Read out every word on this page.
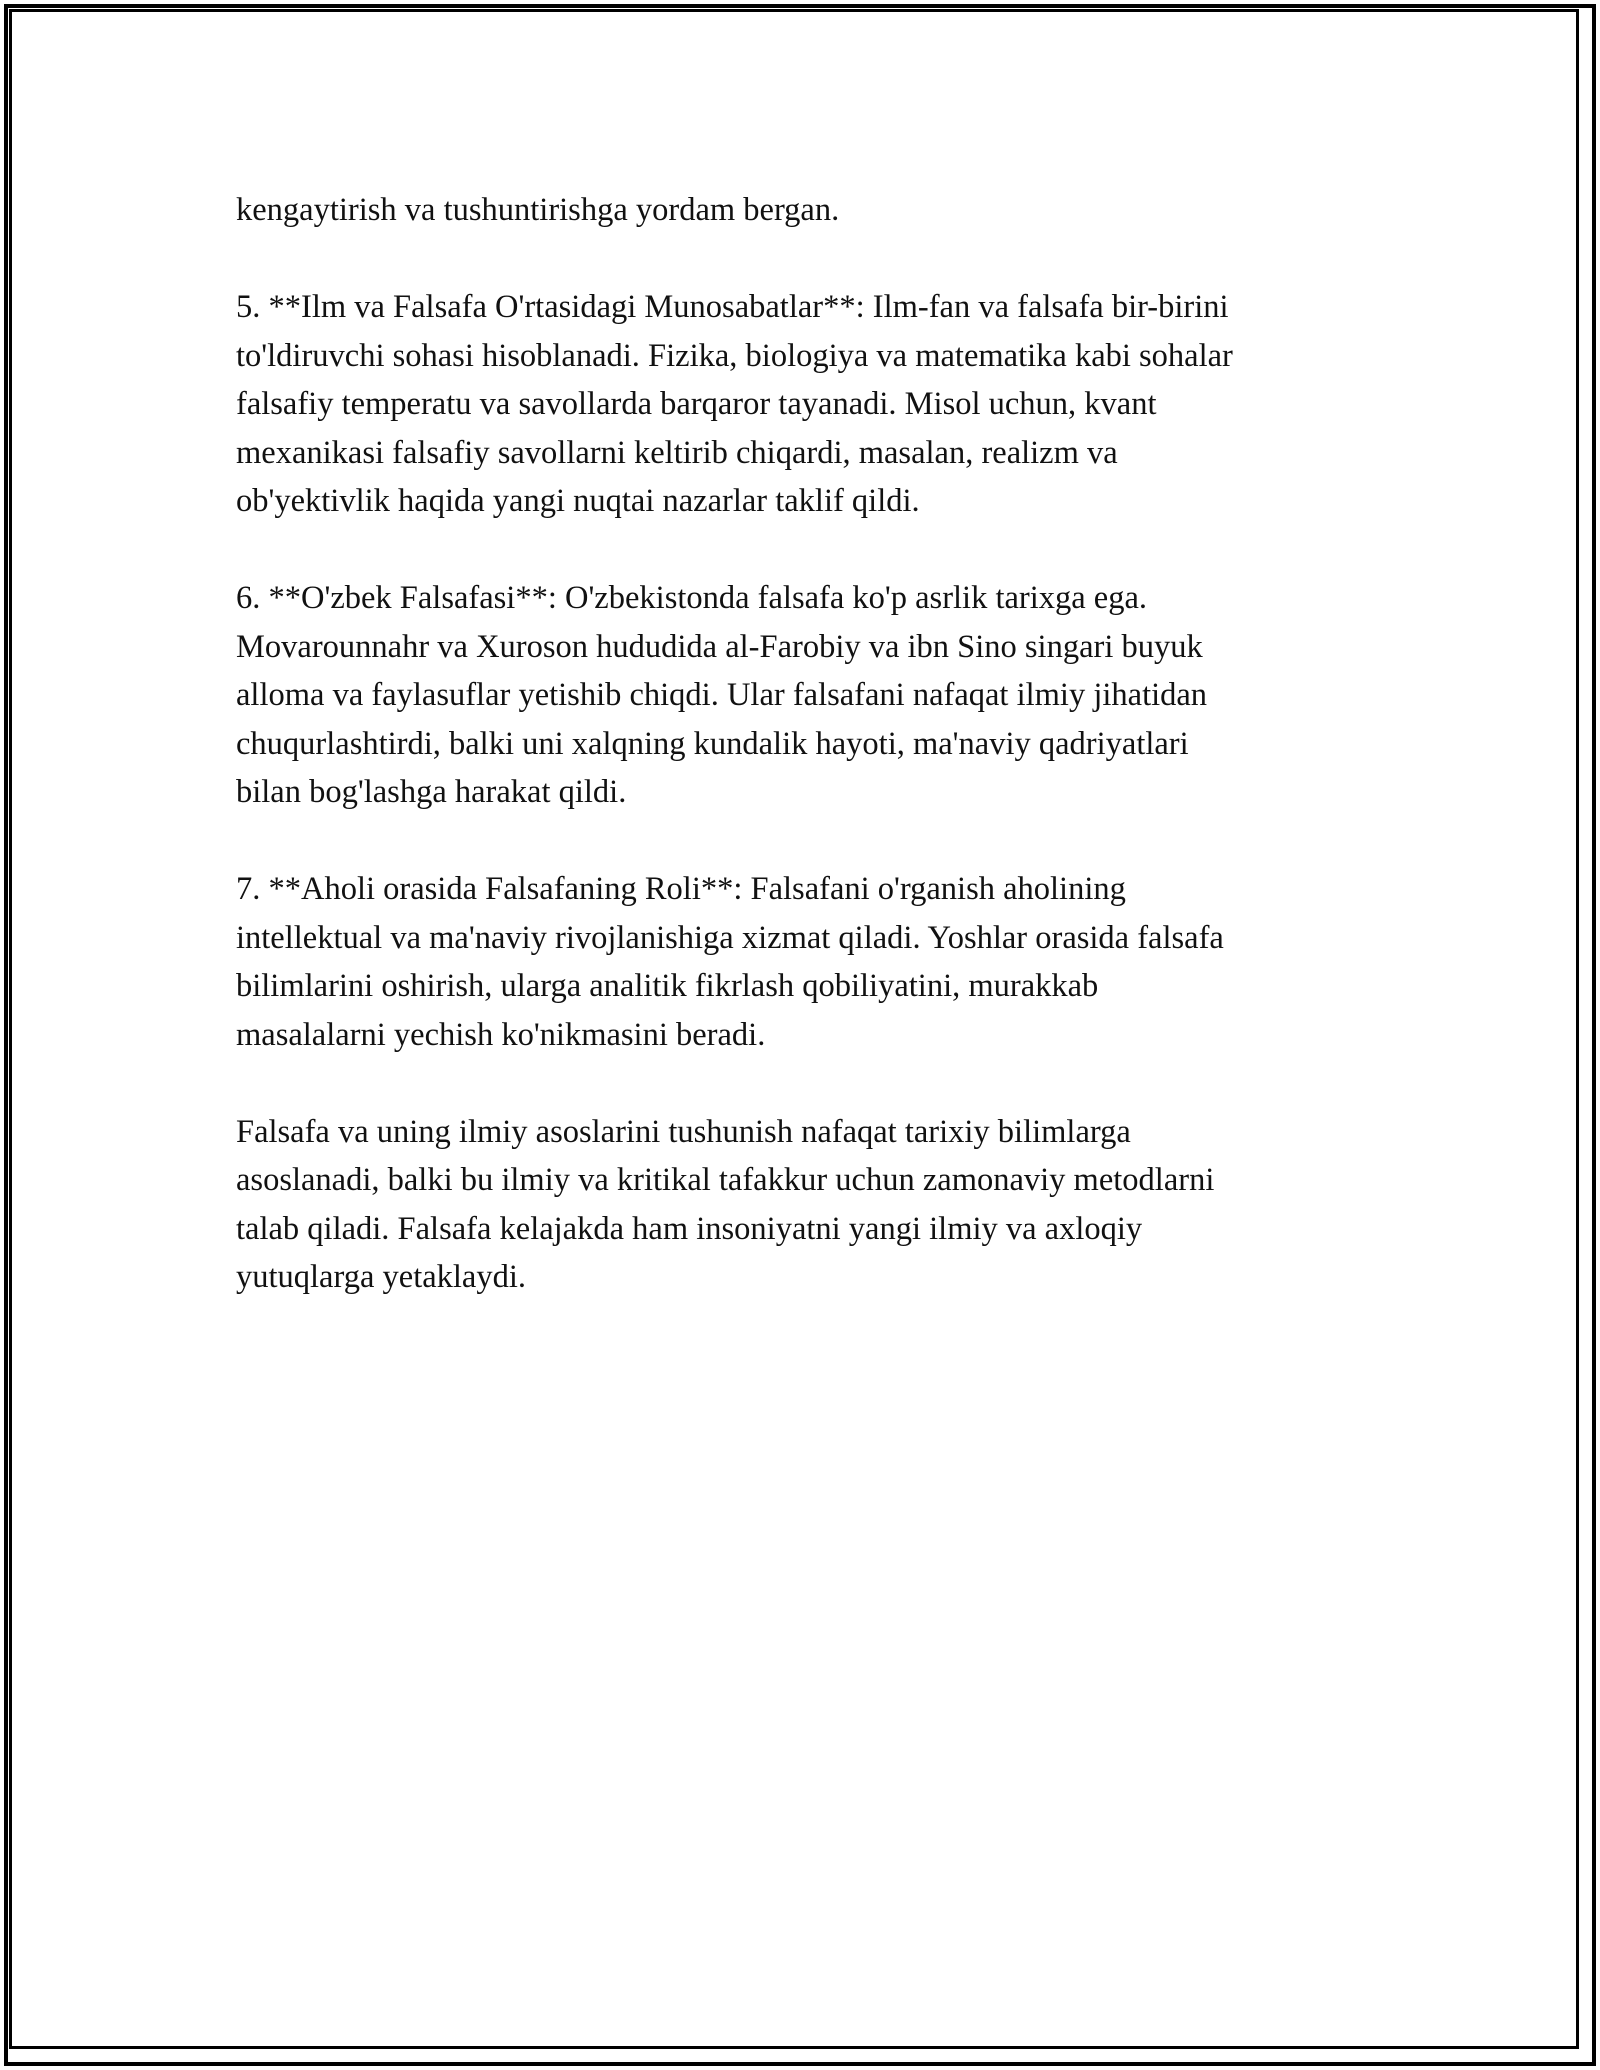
kengaytirish va tushuntirishga yordam bergan.

5. **Ilm va Falsafa O'rtasidagi Munosabatlar**: Ilm-fan va falsafa bir-birini
to'ldiruvchi sohasi hisoblanadi. Fizika, biologiya va matematika kabi sohalar
falsafiy temperatu va savollarda barqaror tayanadi. Misol uchun, kvant
mexanikasi falsafiy savollarni keltirib chiqardi, masalan, realizm va
ob'yektivlik haqida yangi nuqtai nazarlar taklif qildi.

6. **O'zbek Falsafasi**: O'zbekistonda falsafa ko'p asrlik tarixga ega.
Movarounnahr va Xuroson hududida al-Farobiy va ibn Sino singari buyuk
alloma va faylasuflar yetishib chiqdi. Ular falsafani nafaqat ilmiy jihatidan
chuqurlashtirdi, balki uni xalqning kundalik hayoti, ma'naviy qadriyatlari
bilan bog'lashga harakat qildi.

7. **Aholi orasida Falsafaning Roli**: Falsafani o'rganish aholining
intellektual va ma'naviy rivojlanishiga xizmat qiladi. Yoshlar orasida falsafa
bilimlarini oshirish, ularga analitik fikrlash qobiliyatini, murakkab
masalalarni yechish ko'nikmasini beradi.

Falsafa va uning ilmiy asoslarini tushunish nafaqat tarixiy bilimlarga
asoslanadi, balki bu ilmiy va kritikal tafakkur uchun zamonaviy metodlarni
talab qiladi. Falsafa kelajakda ham insoniyatni yangi ilmiy va axloqiy
yutuqlarga yetaklaydi.
